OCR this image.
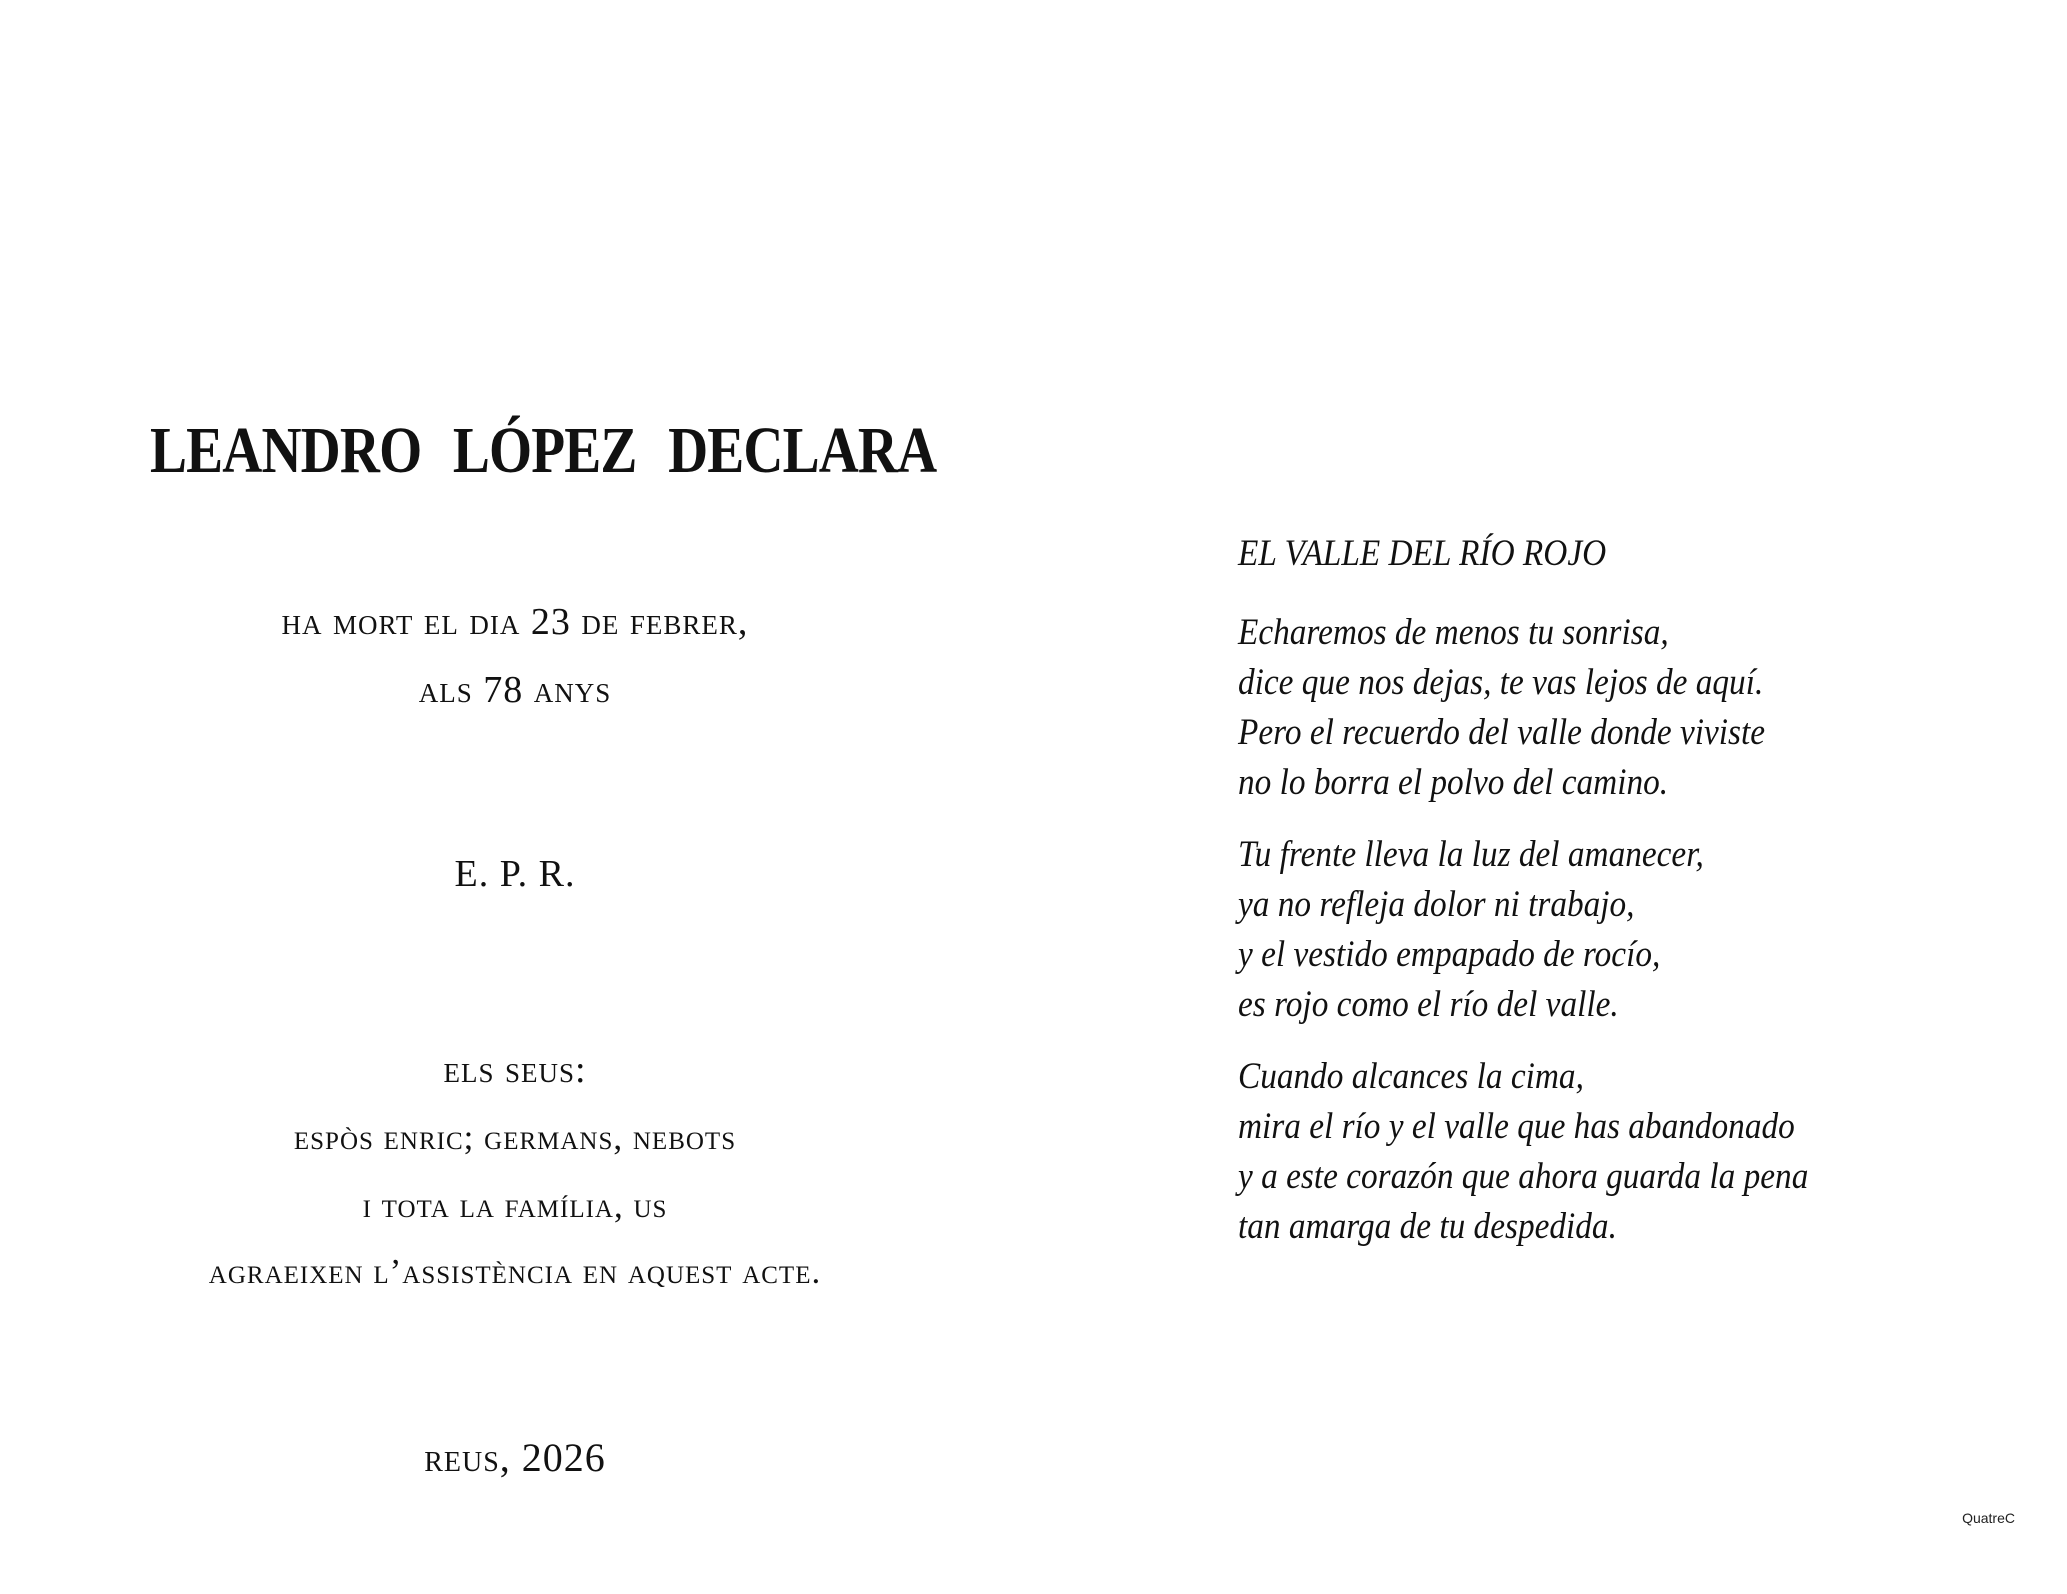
LEANDRO LÓPEZ DECLARA
ha mort el dia 23 de febrer,
als 78 anys
E. P. R.
els seus:
espòs enric; germans, nebots
i tota la família, us
agraeixen l’assistència en aquest acte.
reus, 2026
EL VALLE DEL RÍO ROJO
Echaremos de menos tu sonrisa,
dice que nos dejas, te vas lejos de aquí.
Pero el recuerdo del valle donde viviste
no lo borra el polvo del camino.
Tu frente lleva la luz del amanecer,
ya no refleja dolor ni trabajo,
y el vestido empapado de rocío,
es rojo como el río del valle.
Cuando alcances la cima,
mira el río y el valle que has abandonado
y a este corazón que ahora guarda la pena
tan amarga de tu despedida.
QuatreC
